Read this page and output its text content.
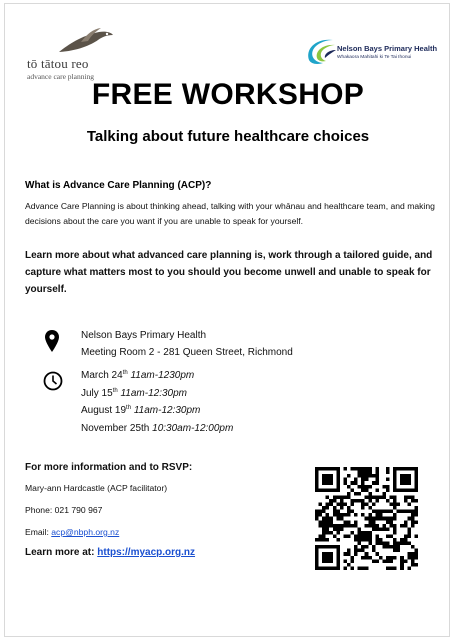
tō tātou reo
advance care planning
Nelson Bays Primary Health
Whakaora Mahitahi ki Te Tai Ihonui
FREE WORKSHOP
Talking about future healthcare choices
What is Advance Care Planning (ACP)?
Advance Care Planning is about thinking ahead, talking with your whānau and healthcare team, and making decisions about the care you want if you are unable to speak for yourself.
Learn more about what advanced care planning is, work through a tailored guide, and capture what matters most to you should you become unwell and unable to speak for yourself.
Nelson Bays Primary Health
Meeting Room 2 - 281 Queen Street, Richmond
March 24th 11am-1230pm
July 15th 11am-12:30pm
August 19th 11am-12:30pm
November 25th 10:30am-12:00pm
For more information and to RSVP:
Mary-ann Hardcastle (ACP facilitator)
Phone: 021 790 967
Email: acp@nbph.org.nz
Learn more at: https://myacp.org.nz
